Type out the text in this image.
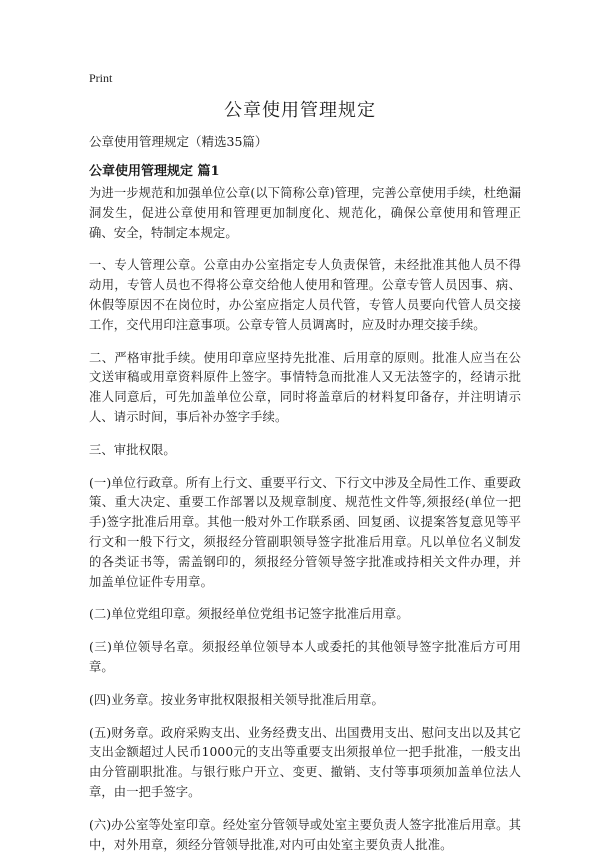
Print
公章使用管理规定
公章使用管理规定（精选35篇）
公章使用管理规定 篇1

为进一步规范和加强单位公章(以下简称公章)管理，完善公章使用手续，杜绝漏洞发生，促进公章使用和管理更加制度化、规范化，确保公章使用和管理正确、安全，特制定本规定。

一、专人管理公章。公章由办公室指定专人负责保管，未经批准其他人员不得动用，专管人员也不得将公章交给他人使用和管理。公章专管人员因事、病、休假等原因不在岗位时，办公室应指定人员代管，专管人员要向代管人员交接工作，交代用印注意事项。公章专管人员调离时，应及时办理交接手续。

二、严格审批手续。使用印章应坚持先批准、后用章的原则。批准人应当在公文送审稿或用章资料原件上签字。事情特急而批准人又无法签字的，经请示批准人同意后，可先加盖单位公章，同时将盖章后的材料复印备存，并注明请示人、请示时间，事后补办签字手续。

三、审批权限。

(一)单位行政章。所有上行文、重要平行文、下行文中涉及全局性工作、重要政策、重大决定、重要工作部署以及规章制度、规范性文件等,须报经(单位一把手)签字批准后用章。其他一般对外工作联系函、回复函、议提案答复意见等平行文和一般下行文，须报经分管副职领导签字批准后用章。凡以单位名义制发的各类证书等，需盖钢印的，须报经分管领导签字批准或持相关文件办理，并加盖单位证件专用章。

(二)单位党组印章。须报经单位党组书记签字批准后用章。

(三)单位领导名章。须报经单位领导本人或委托的其他领导签字批准后方可用章。

(四)业务章。按业务审批权限报相关领导批准后用章。

(五)财务章。政府采购支出、业务经费支出、出国费用支出、慰问支出以及其它支出金额超过人民币1000元的支出等重要支出须报单位一把手批准，一般支出由分管副职批准。与银行账户开立、变更、撤销、支付等事项须加盖单位法人章，由一把手签字。

(六)办公室等处室印章。经处室分管领导或处室主要负责人签字批准后用章。其中，对外用章，须经分管领导批准,对内可由处室主要负责人批准。
